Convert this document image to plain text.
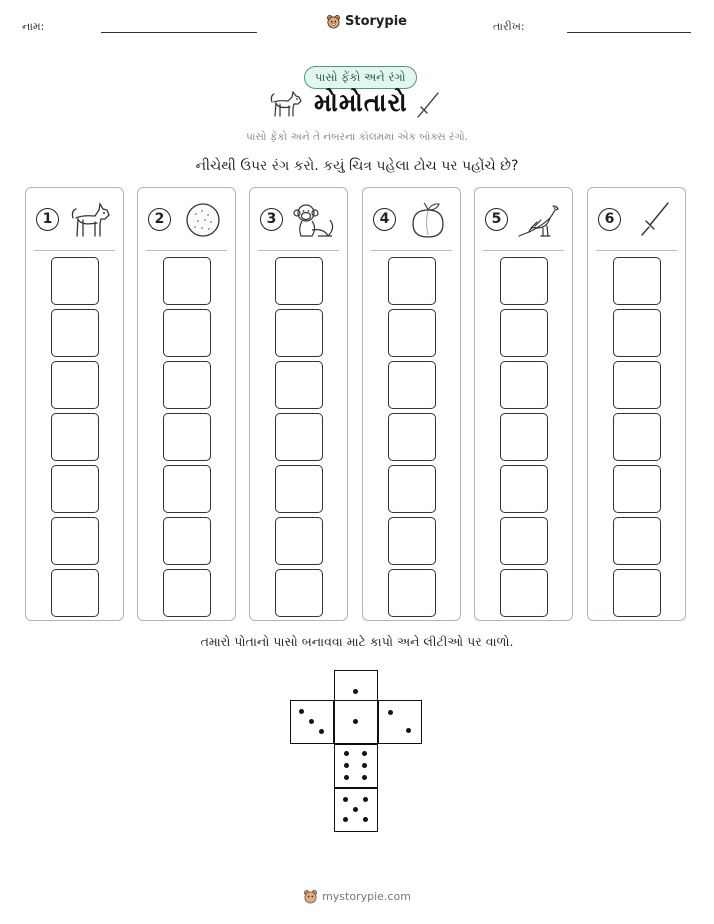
નામ:	Storypie	તારીખ:
પાસો ફેંકો અને રંગો
મોમોતારો
પાસો ફેંકો અને તે નંબરના કૉલમમાં એક બૉક્સ રંગો.
નીચેથી ઉપર રંગ કરો. કયું ચિત્ર પહેલા ટોચ પર પહોંચે છે?
1	2	3	4	5	6
તમારો પોતાનો પાસો બનાવવા માટે કાપો અને લીટીઓ પર વાળો.
mystorypie.com
